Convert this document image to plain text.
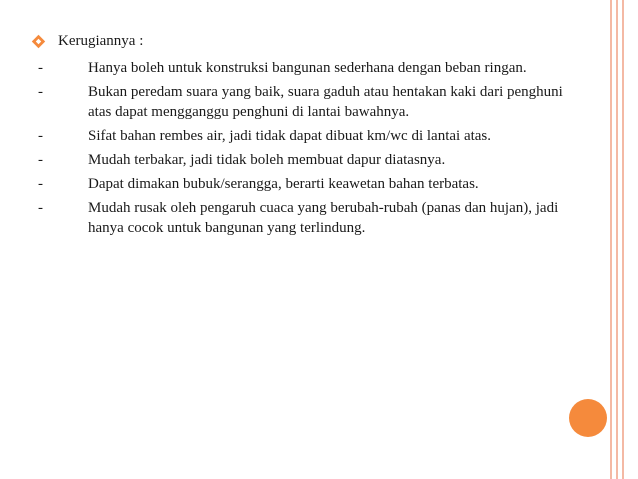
Kerugiannya :
-	Hanya boleh untuk konstruksi bangunan sederhana dengan beban ringan.
-	Bukan peredam suara yang baik, suara gaduh atau hentakan kaki dari penghuni atas dapat mengganggu penghuni di lantai bawahnya.
-	Sifat bahan rembes air, jadi tidak dapat dibuat km/wc di lantai atas.
-	Mudah terbakar, jadi tidak boleh membuat dapur diatasnya.
-	Dapat dimakan bubuk/serangga, berarti keawetan bahan terbatas.
-	Mudah rusak oleh pengaruh cuaca yang berubah-rubah (panas dan hujan), jadi hanya cocok untuk bangunan yang terlindung.
